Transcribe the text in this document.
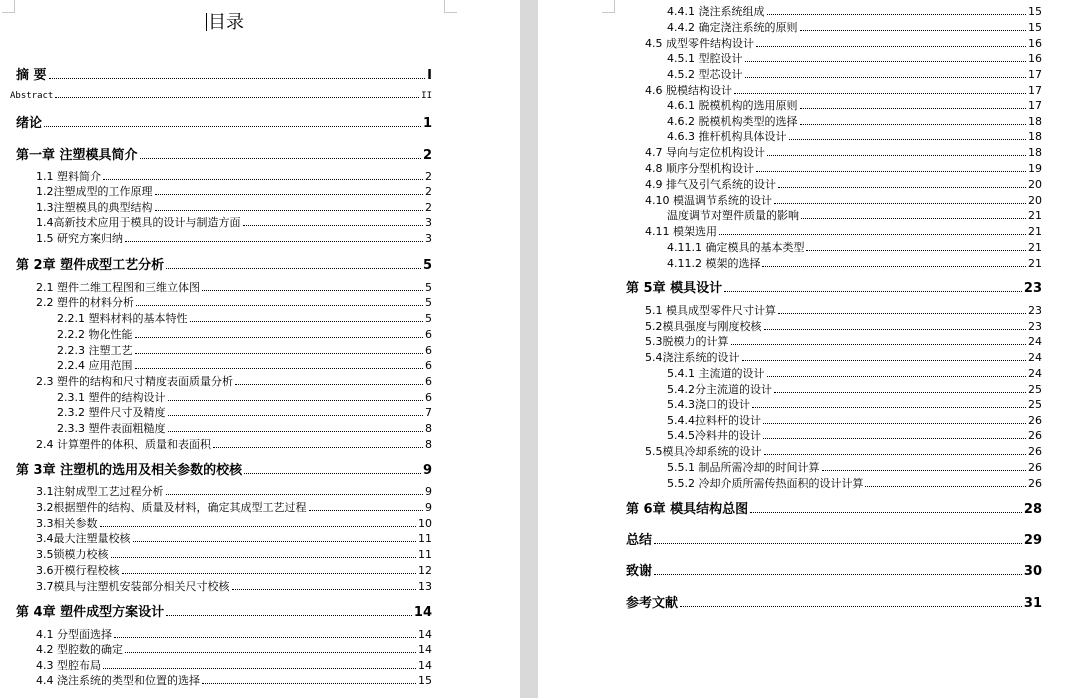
目录
摘 要	I
Abstract	II
绪论	1
第一章 注塑模具简介	2
1.1 塑料简介	2
1.2注塑成型的工作原理	2
1.3注塑模具的典型结构	2
1.4高新技术应用于模具的设计与制造方面	3
1.5 研究方案归纳	3
第 2章 塑件成型工艺分析	5
2.1 塑件二维工程图和三维立体图	5
2.2 塑件的材料分析	5
2.2.1 塑料材料的基本特性	5
2.2.2 物化性能	6
2.2.3 注塑工艺	6
2.2.4 应用范围	6
2.3 塑件的结构和尺寸精度表面质量分析	6
2.3.1 塑件的结构设计	6
2.3.2 塑件尺寸及精度	7
2.3.3 塑件表面粗糙度	8
2.4 计算塑件的体积、质量和表面积	8
第 3章 注塑机的选用及相关参数的校核	9
3.1注射成型工艺过程分析	9
3.2根据塑件的结构、质量及材料，确定其成型工艺过程	9
3.3相关参数	10
3.4最大注塑量校核	11
3.5锁模力校核	11
3.6开模行程校核	12
3.7模具与注塑机安装部分相关尺寸校核	13
第 4章 塑件成型方案设计	14
4.1 分型面选择	14
4.2 型腔数的确定	14
4.3 型腔布局	14
4.4 浇注系统的类型和位置的选择	15
4.4.1 浇注系统组成	15
4.4.2 确定浇注系统的原则	15
4.5 成型零件结构设计	16
4.5.1 型腔设计	16
4.5.2 型芯设计	17
4.6 脱模结构设计	17
4.6.1 脱模机构的选用原则	17
4.6.2 脱模机构类型的选择	18
4.6.3 推杆机构具体设计	18
4.7 导向与定位机构设计	18
4.8 顺序分型机构设计	19
4.9 排气及引气系统的设计	20
4.10 模温调节系统的设计	20
温度调节对塑件质量的影响	21
4.11 模架选用	21
4.11.1 确定模具的基本类型	21
4.11.2 模架的选择	21
第 5章 模具设计	23
5.1 模具成型零件尺寸计算	23
5.2模具强度与刚度校核	23
5.3脱模力的计算	24
5.4浇注系统的设计	24
5.4.1 主流道的设计	24
5.4.2分主流道的设计	25
5.4.3浇口的设计	25
5.4.4拉料杆的设计	26
5.4.5冷料井的设计	26
5.5模具冷却系统的设计	26
5.5.1 制品所需冷却的时间计算	26
5.5.2 冷却介质所需传热面积的设计计算	26
第 6章 模具结构总图	28
总结	29
致谢	30
参考文献	31
